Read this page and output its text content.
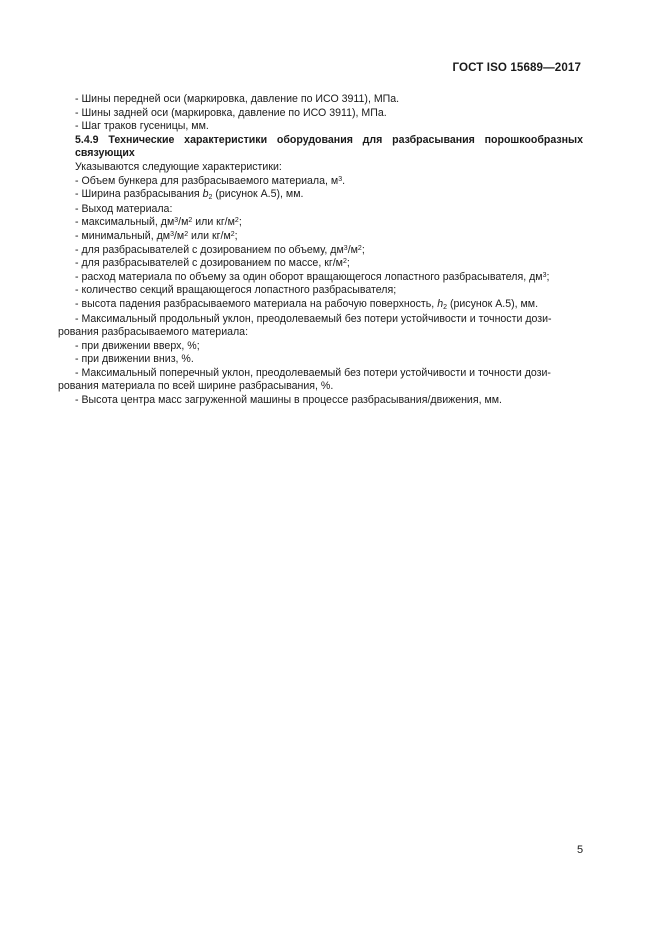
ГОСТ ISO 15689—2017
- Шины передней оси (маркировка, давление по ИСО 3911), МПа.
- Шины задней оси (маркировка, давление по ИСО 3911), МПа.
- Шаг траков гусеницы, мм.
5.4.9 Технические характеристики оборудования для разбрасывания порошкообразных связующих
Указываются следующие характеристики:
- Объем бункера для разбрасываемого материала, $м^3$.
- Ширина разбрасывания $b_2$ (рисунок А.5), мм.
- Выход материала:
- максимальный, $дм^3/м^2$ или $кг/м^2$;
- минимальный, $дм^3/м^2$ или $кг/м^2$;
- для разбрасывателей с дозированием по объему, $дм^3/м^2$;
- для разбрасывателей с дозированием по массе, $кг/м^2$;
- расход материала по объему за один оборот вращающегося лопастного разбрасывателя, $дм^3$;
- количество секций вращающегося лопастного разбрасывателя;
- высота падения разбрасываемого материала на рабочую поверхность, $h_2$ (рисунок А.5), мм.
- Максимальный продольный уклон, преодолеваемый без потери устойчивости и точности дози-
рования разбрасываемого материала:
- при движении вверх, %;
- при движении вниз, %.
- Максимальный поперечный уклон, преодолеваемый без потери устойчивости и точности дози-
рования материала по всей ширине разбрасывания, %.
- Высота центра масс загруженной машины в процессе разбрасывания/движения, мм.
5
